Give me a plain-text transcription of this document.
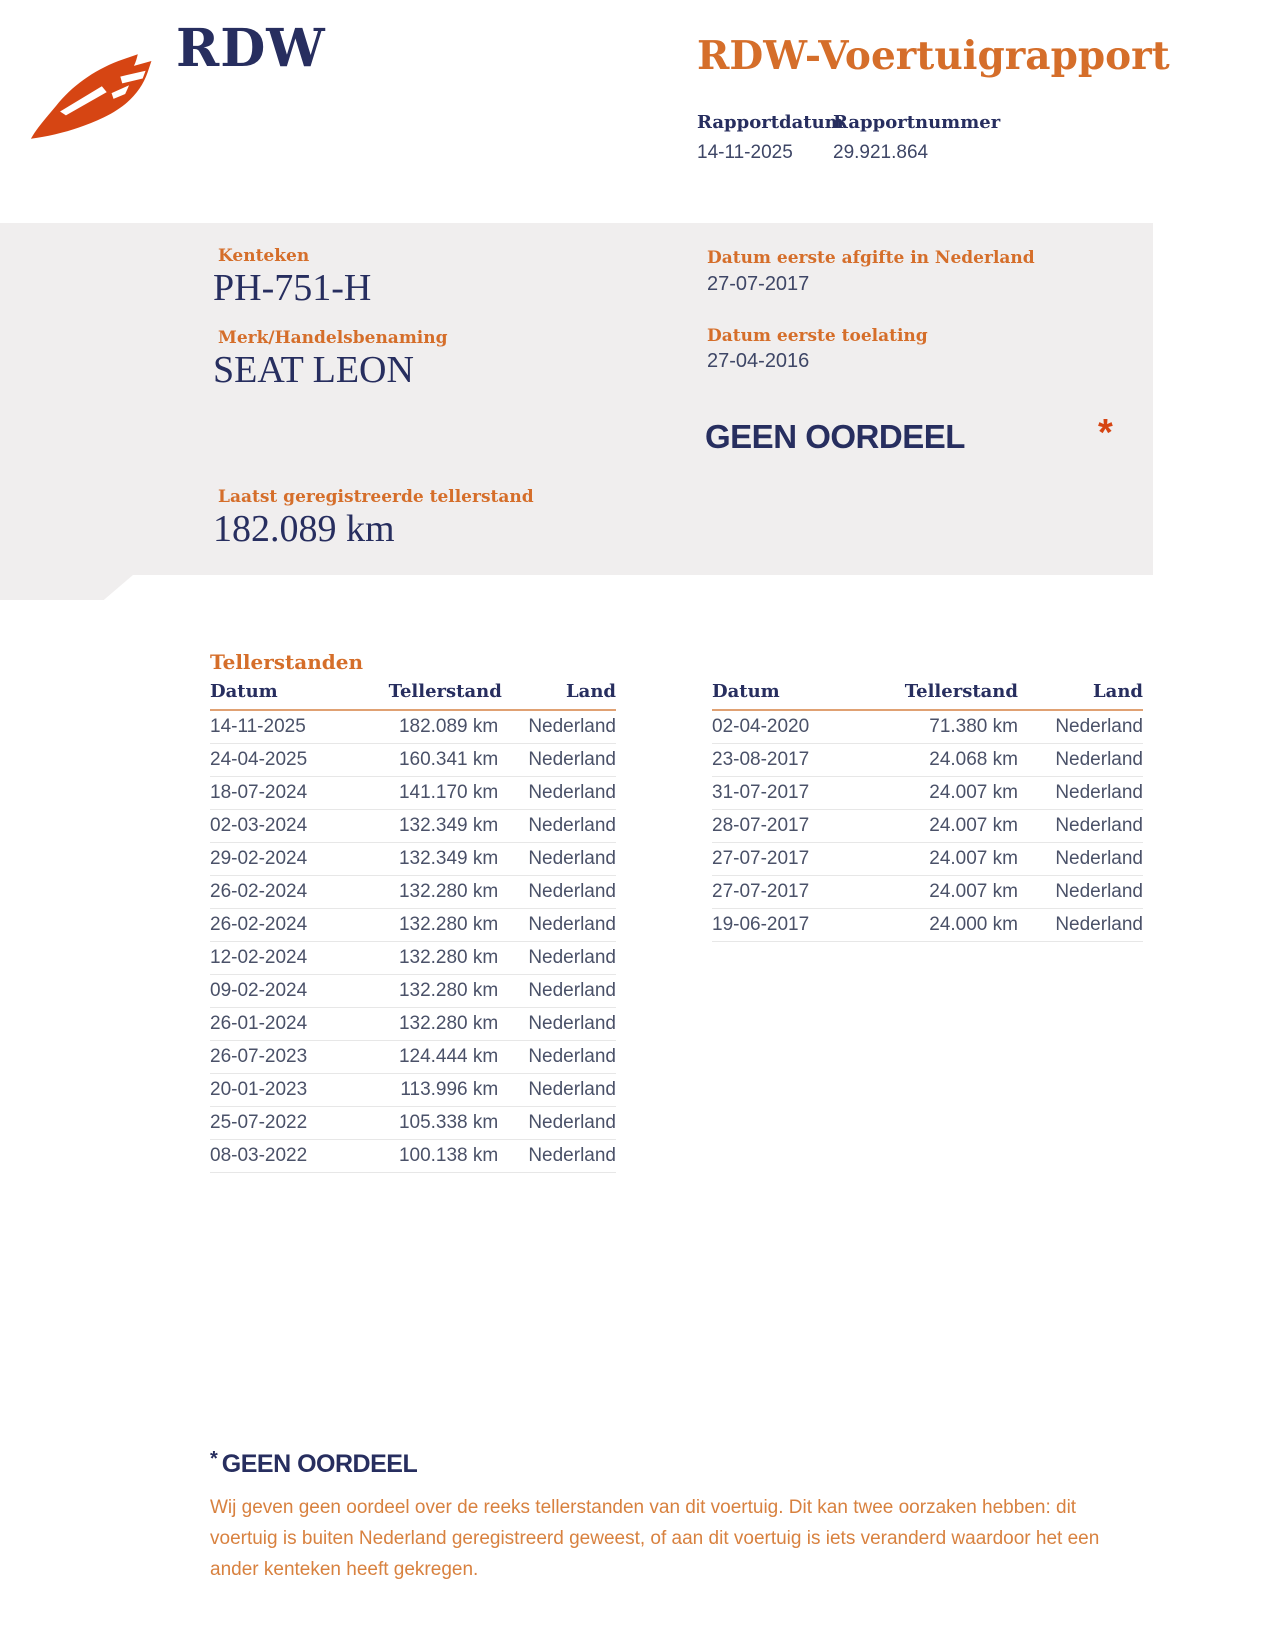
RDW	RDW-Voertuigrapport
Rapportdatum
14-11-2025
Rapportnummer
29.921.864
Kenteken
PH-751-H
Merk/Handelsbenaming
SEAT LEON
Laatst geregistreerde tellerstand
182.089 km
Datum eerste afgifte in Nederland
27-07-2017
Datum eerste toelating
27-04-2016
GEEN OORDEEL	*
Tellerstanden
Datum	Tellerstand	Land
14-11-2025	182.089 km	Nederland
24-04-2025	160.341 km	Nederland
18-07-2024	141.170 km	Nederland
02-03-2024	132.349 km	Nederland
29-02-2024	132.349 km	Nederland
26-02-2024	132.280 km	Nederland
26-02-2024	132.280 km	Nederland
12-02-2024	132.280 km	Nederland
09-02-2024	132.280 km	Nederland
26-01-2024	132.280 km	Nederland
26-07-2023	124.444 km	Nederland
20-01-2023	113.996 km	Nederland
25-07-2022	105.338 km	Nederland
08-03-2022	100.138 km	Nederland
Datum	Tellerstand	Land
02-04-2020	71.380 km	Nederland
23-08-2017	24.068 km	Nederland
31-07-2017	24.007 km	Nederland
28-07-2017	24.007 km	Nederland
27-07-2017	24.007 km	Nederland
27-07-2017	24.007 km	Nederland
19-06-2017	24.000 km	Nederland
* GEEN OORDEEL

Wij geven geen oordeel over de reeks tellerstanden van dit voertuig. Dit kan twee oorzaken hebben: dit voertuig is buiten Nederland geregistreerd geweest, of aan dit voertuig is iets veranderd waardoor het een ander kenteken heeft gekregen.
